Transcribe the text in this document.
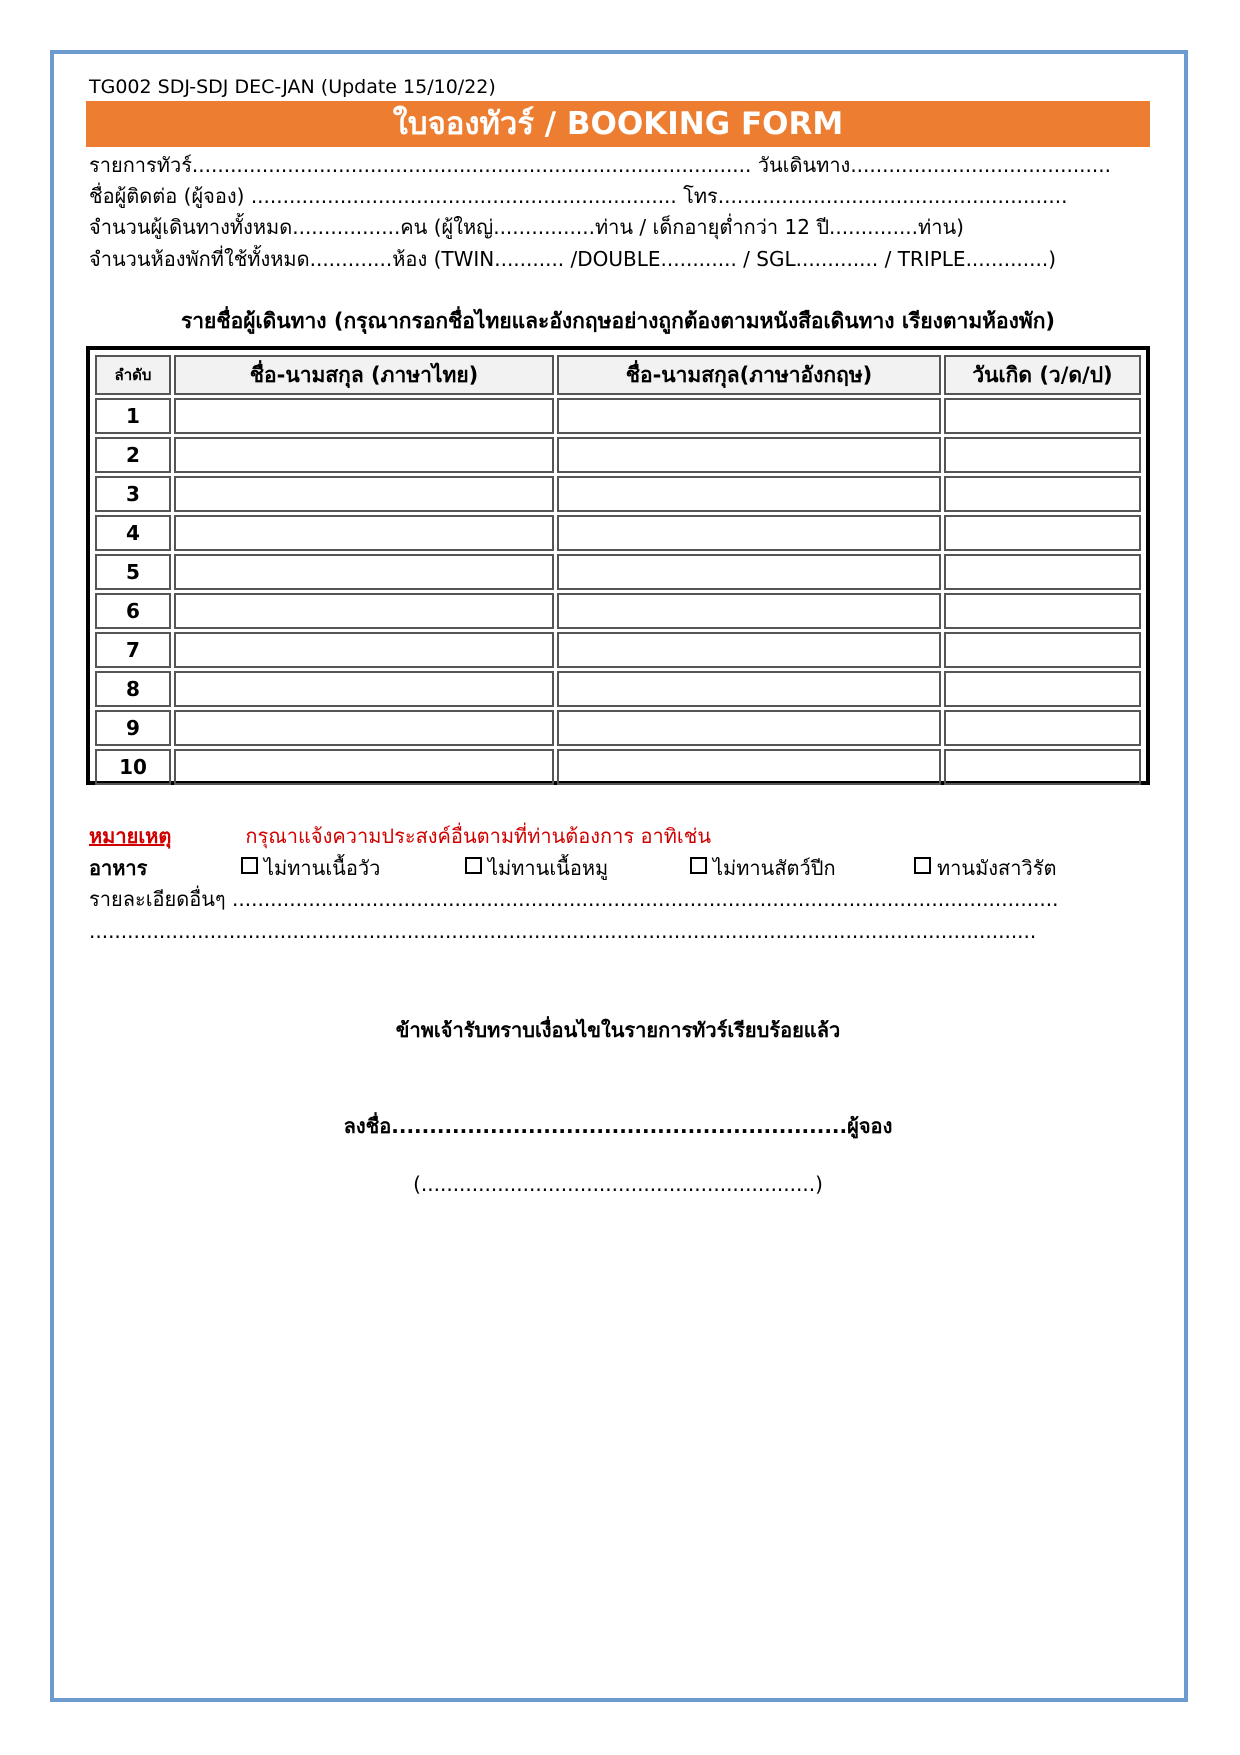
TG002 SDJ-SDJ DEC-JAN (Update 15/10/22)
ใบจองทัวร์ / BOOKING FORM
รายการทัวร์........................................................................................ วันเดินทาง.........................................
ชื่อผู้ติดต่อ (ผู้จอง) ................................................................... โทร.......................................................
จำนวนผู้เดินทางทั้งหมด.................คน (ผู้ใหญ่................ท่าน / เด็กอายุต่ำกว่า 12 ปี..............ท่าน)
จำนวนห้องพักที่ใช้ทั้งหมด.............ห้อง (TWIN........... /DOUBLE............ / SGL............. / TRIPLE.............)
รายชื่อผู้เดินทาง (กรุณากรอกชื่อไทยและอังกฤษอย่างถูกต้องตามหนังสือเดินทาง เรียงตามห้องพัก)
ลำดับ	ชื่อ-นามสกุล (ภาษาไทย)	ชื่อ-นามสกุล(ภาษาอังกฤษ)	วันเกิด (ว/ด/ป)
1			
2			
3			
4			
5			
6			
7			
8			
9			
10			
หมายเหตุ	กรุณาแจ้งความประสงค์อื่นตามที่ท่านต้องการ อาทิเช่น
อาหาร	ไม่ทานเนื้อวัว	ไม่ทานเนื้อหมู	ไม่ทานสัตว์ปีก	ทานมังสาวิรัต
รายละเอียดอื่นๆ ..................................................................................................................................
.....................................................................................................................................................
ข้าพเจ้ารับทราบเงื่อนไขในรายการทัวร์เรียบร้อยแล้ว
ลงชื่อ............................................................ผู้จอง
(..............................................................)
